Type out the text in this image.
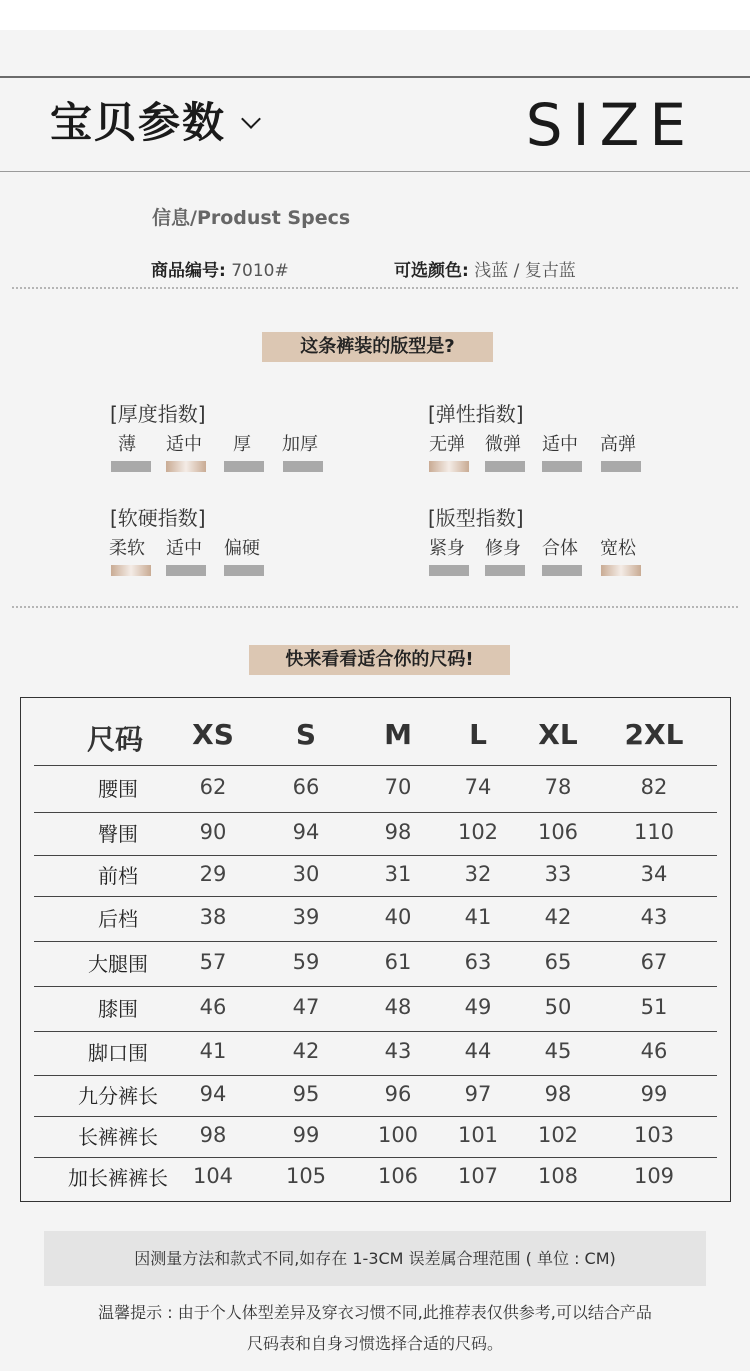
宝贝参数	SIZE
信息/Produst Specs
商品编号: 7010#	可选颜色: 浅蓝 / 复古蓝
这条裤装的版型是?
[厚度指数]
薄	适中	厚	加厚
[弹性指数]
无弹	微弹	适中	高弹
[软硬指数]
柔软	适中	偏硬
[版型指数]
紧身	修身	合体	宽松
快来看看适合你的尺码!
尺码	XS	S	M	L	XL	2XL
腰围	62	66	70	74	78	82
臀围	90	94	98	102	106	110
前档	29	30	31	32	33	34
后档	38	39	40	41	42	43
大腿围	57	59	61	63	65	67
膝围	46	47	48	49	50	51
脚口围	41	42	43	44	45	46
九分裤长	94	95	96	97	98	99
长裤裤长	98	99	100	101	102	103
加长裤裤长	104	105	106	107	108	109
因测量方法和款式不同,如存在 1-3CM 误差属合理范围 ( 单位 : CM)
温馨提示 : 由于个人体型差异及穿衣习惯不同,此推荐表仅供参考,可以结合产品
尺码表和自身习惯选择合适的尺码。
